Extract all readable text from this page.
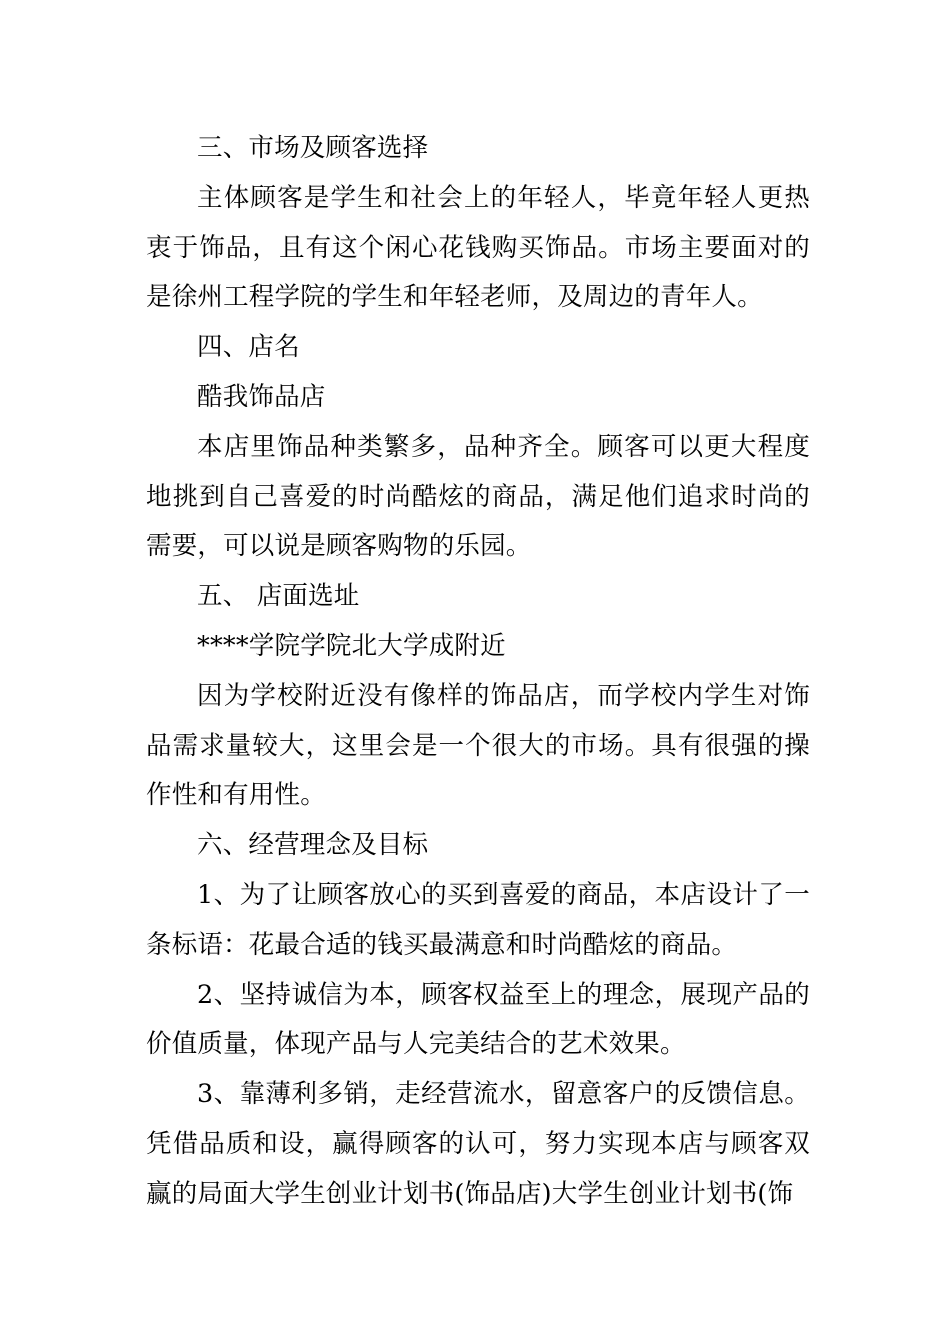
三、市场及顾客选择

主体顾客是学生和社会上的年轻人，毕竟年轻人更热衷于饰品，且有这个闲心花钱购买饰品。市场主要面对的是徐州工程学院的学生和年轻老师，及周边的青年人。

四、店名

酷我饰品店

本店里饰品种类繁多，品种齐全。顾客可以更大程度地挑到自己喜爱的时尚酷炫的商品，满足他们追求时尚的需要，可以说是顾客购物的乐园。

五、 店面选址

****学院学院北大学成附近

因为学校附近没有像样的饰品店，而学校内学生对饰品需求量较大，这里会是一个很大的市场。具有很强的操作性和有用性。

六、经营理念及目标

1、为了让顾客放心的买到喜爱的商品，本店设计了一条标语：花最合适的钱买最满意和时尚酷炫的商品。

2、坚持诚信为本，顾客权益至上的理念，展现产品的价值质量，体现产品与人完美结合的艺术效果。

3、靠薄利多销，走经营流水，留意客户的反馈信息。凭借品质和设，赢得顾客的认可，努力实现本店与顾客双赢的局面大学生创业计划书(饰品店)大学生创业计划书(饰
